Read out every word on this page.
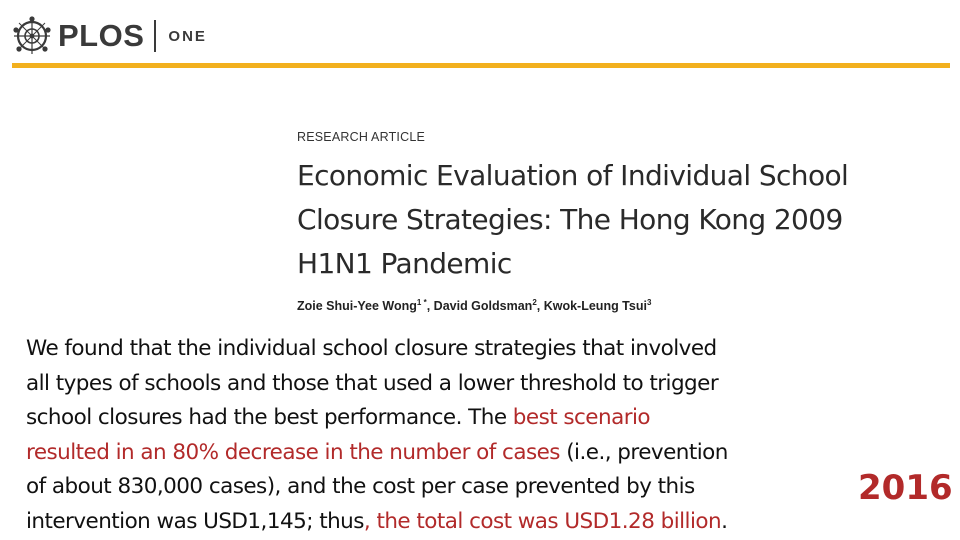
PLOS ONE
RESEARCH ARTICLE
Economic Evaluation of Individual School
Closure Strategies: The Hong Kong 2009
H1N1 Pandemic
Zoie Shui-Yee Wong$^{1 *}$, David Goldsman$^2$, Kwok-Leung Tsui$^3$
We found that the individual school closure strategies that involved
all types of schools and those that used a lower threshold to trigger
school closures had the best performance. The best scenario
resulted in an 80% decrease in the number of cases (i.e., prevention
of about 830,000 cases), and the cost per case prevented by this
intervention was USD1,145; thus, the total cost was USD1.28 billion.
2016
